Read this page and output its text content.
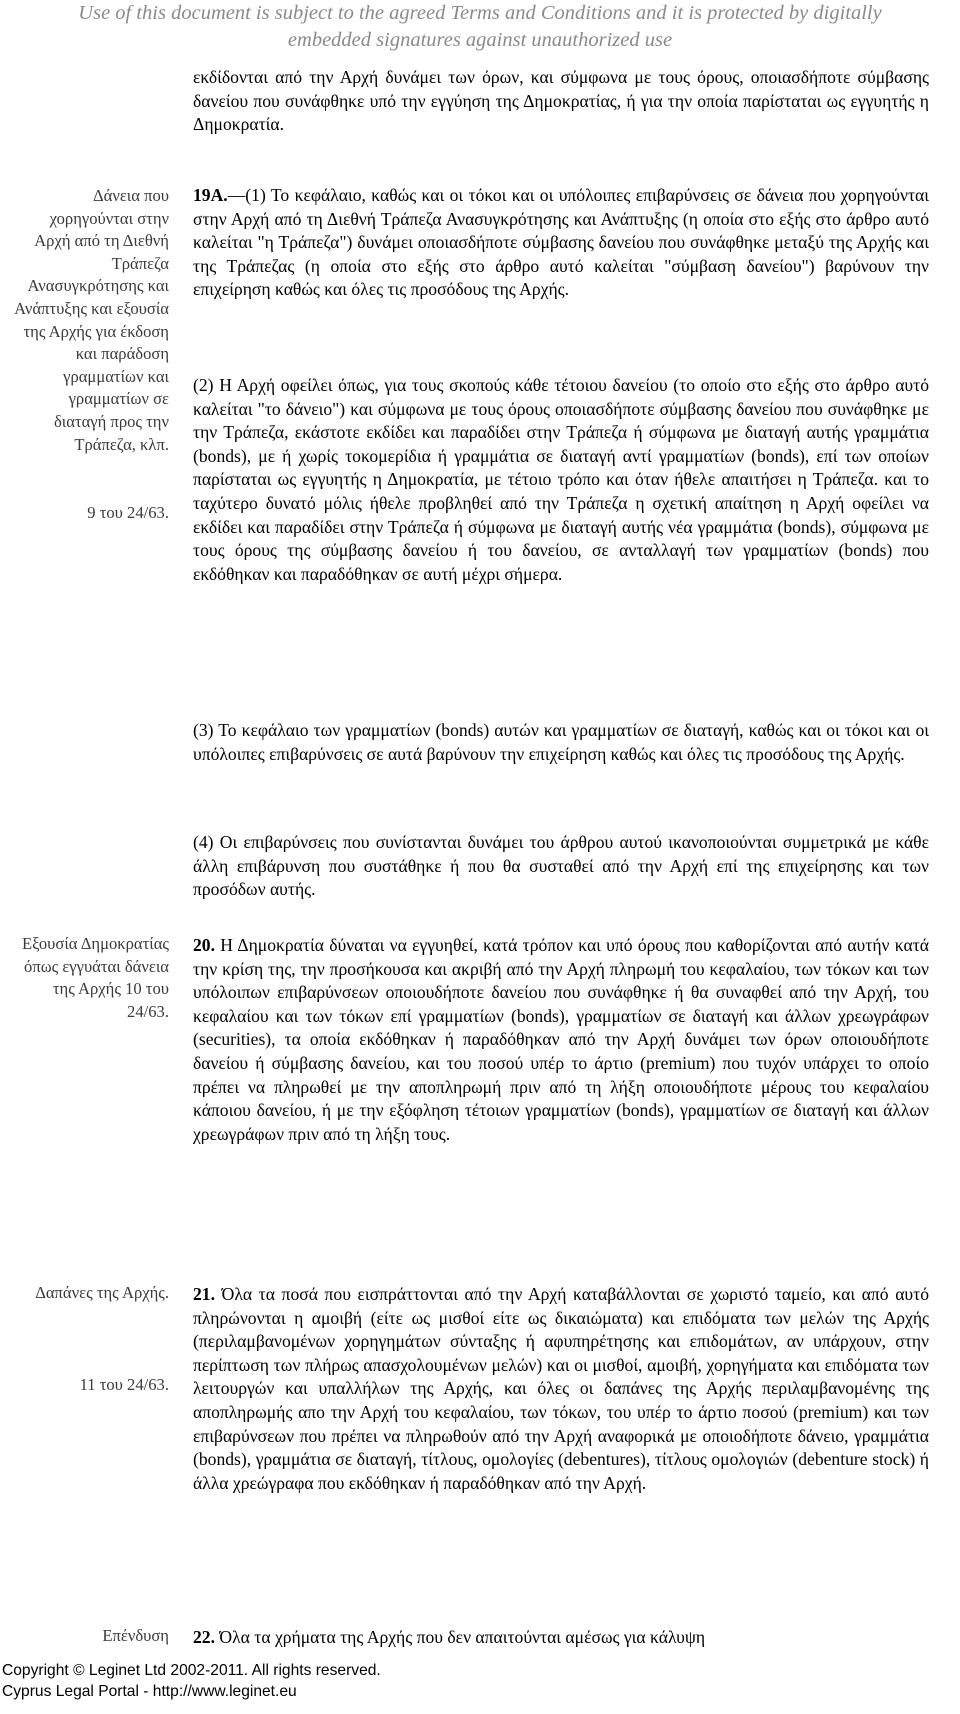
Use of this document is subject to the agreed Terms and Conditions and it is protected by digitally
embedded signatures against unauthorized use

εκδίδονται από την Αρχή δυνάμει των όρων, και σύμφωνα με τους όρους, οποιασδήποτε σύμβασης δανείου που συνάφθηκε υπό την εγγύηση της Δημοκρατίας, ή για την οποία παρίσταται ως εγγυητής η Δημοκρατία.

Δάνεια που χορηγούνται στην Αρχή από τη Διεθνή Τράπεζα Ανασυγκρότησης και Ανάπτυξης και εξουσία της Αρχής για έκδοση και παράδοση γραμματίων και γραμματίων σε διαταγή προς την Τράπεζα, κλπ.

9 του 24/63.

19Α.—(1) Το κεφάλαιο, καθώς και οι τόκοι και οι υπόλοιπες επιβαρύνσεις σε δάνεια που χορηγούνται στην Αρχή από τη Διεθνή Τράπεζα Ανασυγκρότησης και Ανάπτυξης (η οποία στο εξής στο άρθρο αυτό καλείται "η Τράπεζα") δυνάμει οποιασδήποτε σύμβασης δανείου που συνάφθηκε μεταξύ της Αρχής και της Τράπεζας (η οποία στο εξής στο άρθρο αυτό καλείται "σύμβαση δανείου") βαρύνουν την επιχείρηση καθώς και όλες τις προσόδους της Αρχής.

(2) Η Αρχή οφείλει όπως, για τους σκοπούς κάθε τέτοιου δανείου (το οποίο στο εξής στο άρθρο αυτό καλείται "το δάνειο") και σύμφωνα με τους όρους οποιασδήποτε σύμβασης δανείου που συνάφθηκε με την Τράπεζα, εκάστοτε εκδίδει και παραδίδει στην Τράπεζα ή σύμφωνα με διαταγή αυτής γραμμάτια (bonds), με ή χωρίς τοκομερίδια ή γραμμάτια σε διαταγή αντί γραμματίων (bonds), επί των οποίων παρίσταται ως εγγυητής η Δημοκρατία, με τέτοιο τρόπο και όταν ήθελε απαιτήσει η Τράπεζα. και το ταχύτερο δυνατό μόλις ήθελε προβληθεί από την Τράπεζα η σχετική απαίτηση η Αρχή οφείλει να εκδίδει και παραδίδει στην Τράπεζα ή σύμφωνα με διαταγή αυτής νέα γραμμάτια (bonds), σύμφωνα με τους όρους της σύμβασης δανείου ή του δανείου, σε ανταλλαγή των γραμματίων (bonds) που εκδόθηκαν και παραδόθηκαν σε αυτή μέχρι σήμερα.

(3) Το κεφάλαιο των γραμματίων (bonds) αυτών και γραμματίων σε διαταγή, καθώς και οι τόκοι και οι υπόλοιπες επιβαρύνσεις σε αυτά βαρύνουν την επιχείρηση καθώς και όλες τις προσόδους της Αρχής.

(4) Οι επιβαρύνσεις που συνίστανται δυνάμει του άρθρου αυτού ικανοποιούνται συμμετρικά με κάθε άλλη επιβάρυνση που συστάθηκε ή που θα συσταθεί από την Αρχή επί της επιχείρησης και των προσόδων αυτής.

Εξουσία Δημοκρατίας όπως εγγυάται δάνεια της Αρχής 10 του 24/63.

20. Η Δημοκρατία δύναται να εγγυηθεί, κατά τρόπον και υπό όρους που καθορίζονται από αυτήν κατά την κρίση της, την προσήκουσα και ακριβή από την Αρχή πληρωμή του κεφαλαίου, των τόκων και των υπόλοιπων επιβαρύνσεων οποιουδήποτε δανείου που συνάφθηκε ή θα συναφθεί από την Αρχή, του κεφαλαίου και των τόκων επί γραμματίων (bonds), γραμματίων σε διαταγή και άλλων χρεωγράφων (securities), τα οποία εκδόθηκαν ή παραδόθηκαν από την Αρχή δυνάμει των όρων οποιουδήποτε δανείου ή σύμβασης δανείου, και του ποσού υπέρ το άρτιο (premium) που τυχόν υπάρχει το οποίο πρέπει να πληρωθεί με την αποπληρωμή πριν από τη λήξη οποιουδήποτε μέρους του κεφαλαίου κάποιου δανείου, ή με την εξόφληση τέτοιων γραμματίων (bonds), γραμματίων σε διαταγή και άλλων χρεωγράφων πριν από τη λήξη τους.

Δαπάνες της Αρχής.

11 του 24/63.

21. Όλα τα ποσά που εισπράττονται από την Αρχή καταβάλλονται σε χωριστό ταμείο, και από αυτό πληρώνονται η αμοιβή (είτε ως μισθοί είτε ως δικαιώματα) και επιδόματα των μελών της Αρχής (περιλαμβανομένων χορηγημάτων σύνταξης ή αφυπηρέτησης και επιδομάτων, αν υπάρχουν, στην περίπτωση των πλήρως απασχολουμένων μελών) και οι μισθοί, αμοιβή, χορηγήματα και επιδόματα των λειτουργών και υπαλλήλων της Αρχής, και όλες οι δαπάνες της Αρχής περιλαμβανομένης της αποπληρωμής απο την Αρχή του κεφαλαίου, των τόκων, του υπέρ το άρτιο ποσού (premium) και των επιβαρύνσεων που πρέπει να πληρωθούν από την Αρχή αναφορικά με οποιοδήποτε δάνειο, γραμμάτια (bonds), γραμμάτια σε διαταγή, τίτλους, ομολογίες (debentures), τίτλους ομολογιών (debenture stock) ή άλλα χρεώγραφα που εκδόθηκαν ή παραδόθηκαν από την Αρχή.

Επένδυση 22. Όλα τα χρήματα της Αρχής που δεν απαιτούνται αμέσως για κάλυψη

Copyright © Leginet Ltd 2002-2011. All rights reserved.
Cyprus Legal Portal - http://www.leginet.eu
